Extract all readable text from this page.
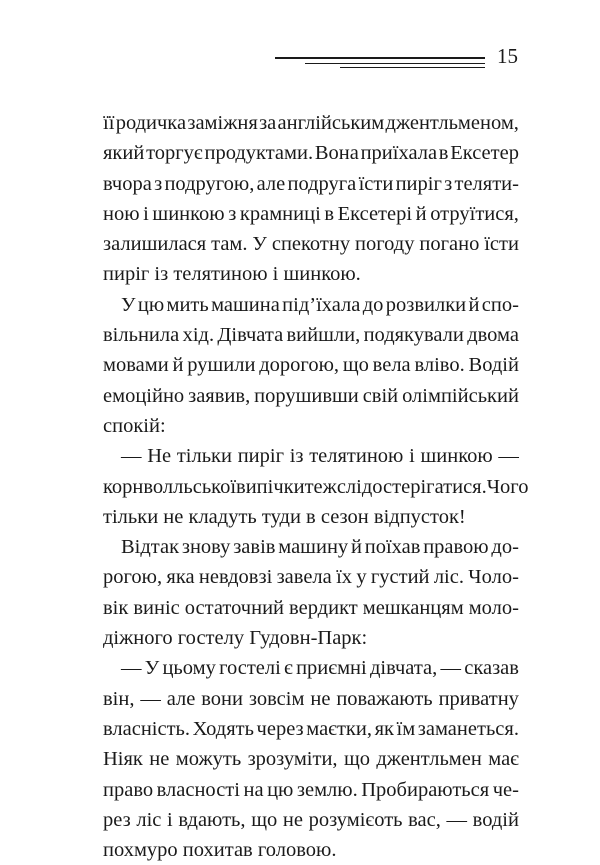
15
її родичка заміжня за англійським джентльменом,
який торгує продуктами. Вона приїхала в Ексетер
вчора з подругою, але подруга їсти пиріг з теляти-
ною і шинкою з крамниці в Ексетері й отруїтися,
залишилася там. У спекотну погоду погано їсти
пиріг із телятиною і шинкою.
У цю мить машина під’їхала до розвилки й спо-
вільнила хід. Дівчата вийшли, подякували двома
мовами й рушили дорогою, що вела вліво. Водій
емоційно заявив, порушивши свій олімпійський
спокій:
— Не тільки пиріг із телятиною і шинкою —
корнволльської випічки теж слід остерігатися. Чого
тільки не кладуть туди в сезон відпусток!
Відтак знову завів машину й поїхав правою до-
рогою, яка невдовзі завела їх у густий ліс. Чоло-
вік виніс остаточний вердикт мешканцям моло-
діжного гостелу Гудовн-Парк:
— У цьому гостелі є приємні дівчата, — сказав
він, — але вони зовсім не поважають приватну
власність. Ходять через маєтки, як їм заманеться.
Ніяк не можуть зрозуміти, що джентльмен має
право власності на цю землю. Пробираються че-
рез ліс і вдають, що не розумієоть вас, — водій
похмуро похитав головою.
